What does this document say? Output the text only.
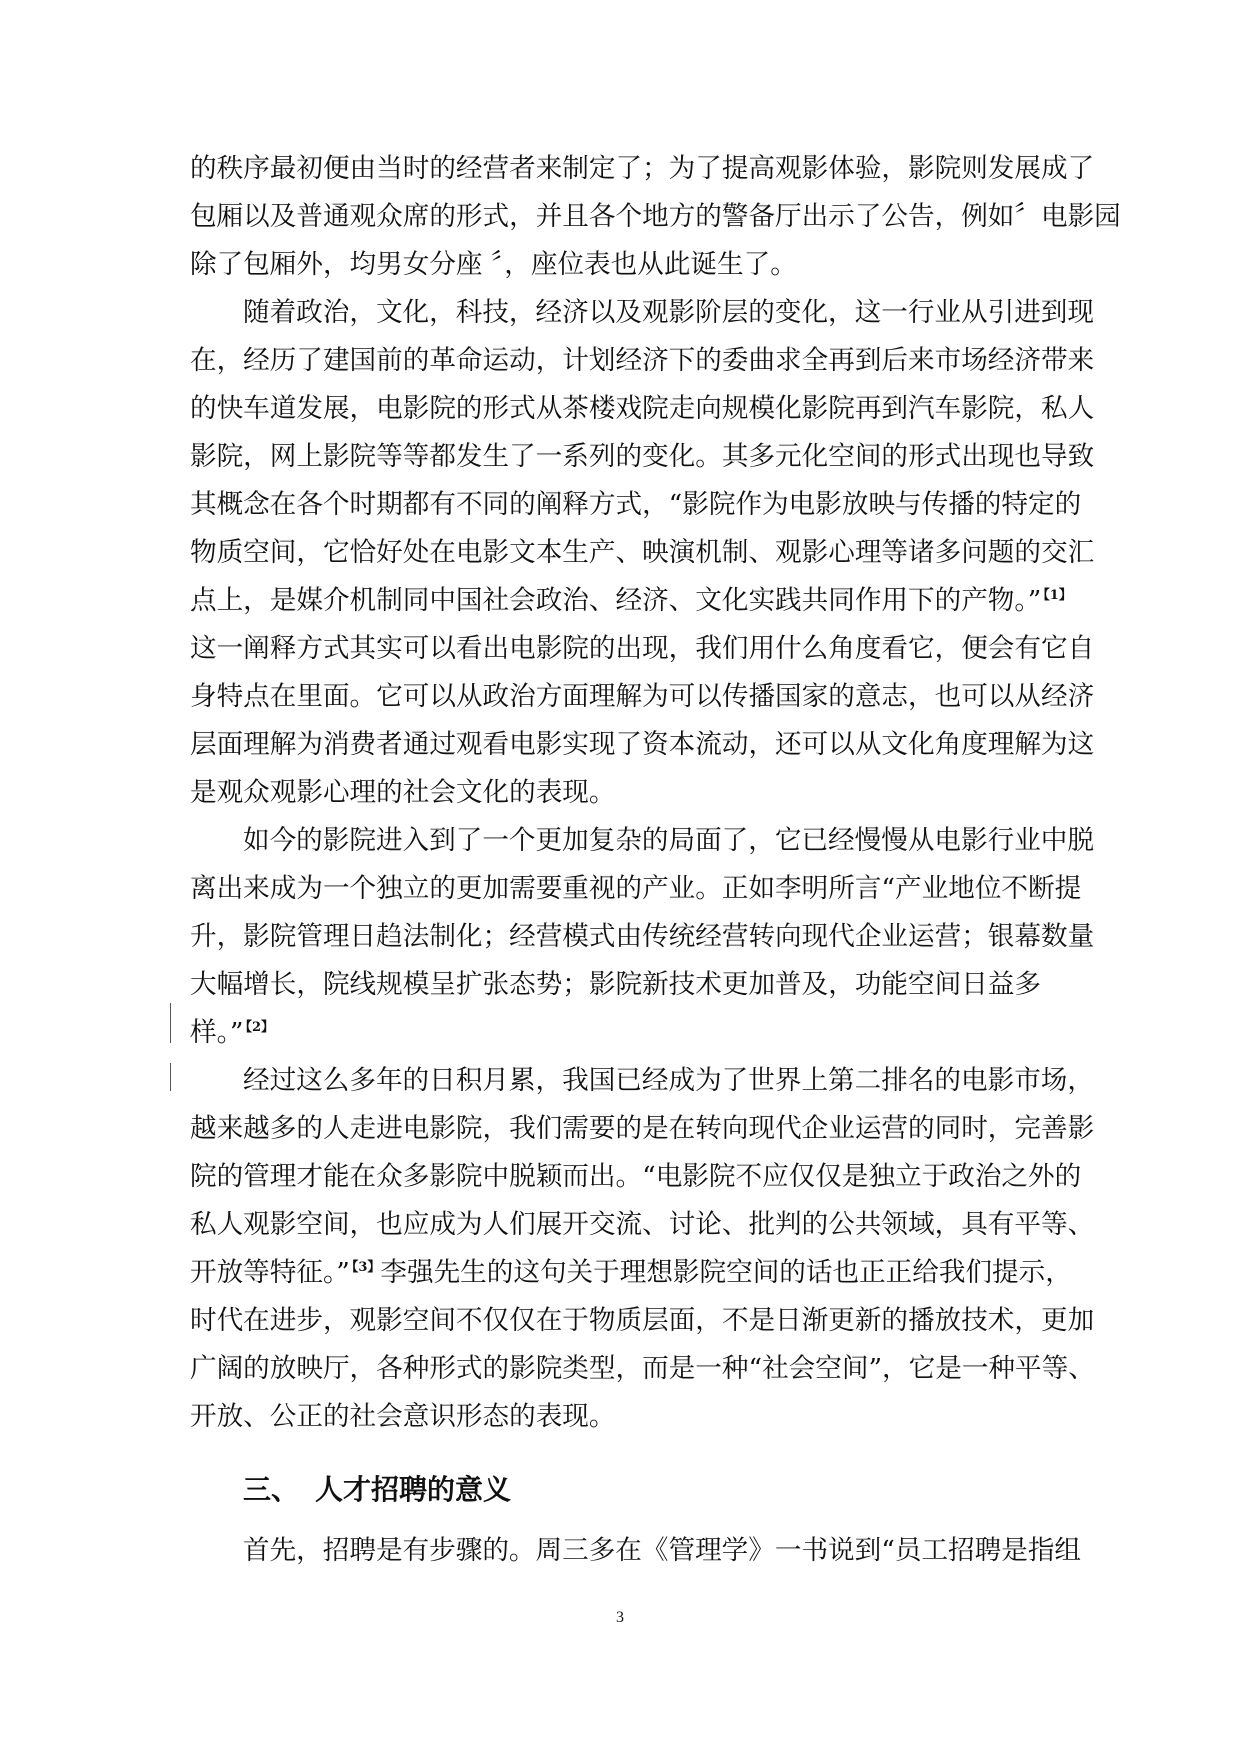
的秩序最初便由当时的经营者来制定了；为了提高观影体验，影院则发展成了
包厢以及普通观众席的形式，并且各个地方的警备厅出示了公告，例如〞电影园
除了包厢外，均男女分座 〞，座位表也从此诞生了。
随着政治，文化，科技，经济以及观影阶层的变化，这一行业从引进到现
在，经历了建国前的革命运动，计划经济下的委曲求全再到后来市场经济带来
的快车道发展，电影院的形式从茶楼戏院走向规模化影院再到汽车影院，私人
影院，网上影院等等都发生了一系列的变化。其多元化空间的形式出现也导致
其概念在各个时期都有不同的阐释方式，“影院作为电影放映与传播的特定的
物质空间，它恰好处在电影文本生产、映演机制、观影心理等诸多问题的交汇
点上，是媒介机制同中国社会政治、经济、文化实践共同作用下的产物。” $^{【1】}$
这一阐释方式其实可以看出电影院的出现，我们用什么角度看它，便会有它自
身特点在里面。它可以从政治方面理解为可以传播国家的意志，也可以从经济
层面理解为消费者通过观看电影实现了资本流动，还可以从文化角度理解为这
是观众观影心理的社会文化的表现。
如今的影院进入到了一个更加复杂的局面了，它已经慢慢从电影行业中脱
离出来成为一个独立的更加需要重视的产业。正如李明所言“产业地位不断提
升，影院管理日趋法制化；经营模式由传统经营转向现代企业运营；银幕数量
大幅增长，院线规模呈扩张态势；影院新技术更加普及，功能空间日益多
样。” $^{【2】}$
经过这么多年的日积月累，我国已经成为了世界上第二排名的电影市场，
越来越多的人走进电影院，我们需要的是在转向现代企业运营的同时，完善影
院的管理才能在众多影院中脱颖而出。“电影院不应仅仅是独立于政治之外的
私人观影空间，也应成为人们展开交流、讨论、批判的公共领域，具有平等、
开放等特征。” $^{【3】}$李强先生的这句关于理想影院空间的话也正正给我们提示，
时代在进步，观影空间不仅仅在于物质层面，不是日渐更新的播放技术，更加
广阔的放映厅，各种形式的影院类型，而是一种“社会空间”，它是一种平等、
开放、公正的社会意识形态的表现。
三、 人才招聘的意义
首先，招聘是有步骤的。周三多在《管理学》一书说到“员工招聘是指组
3
